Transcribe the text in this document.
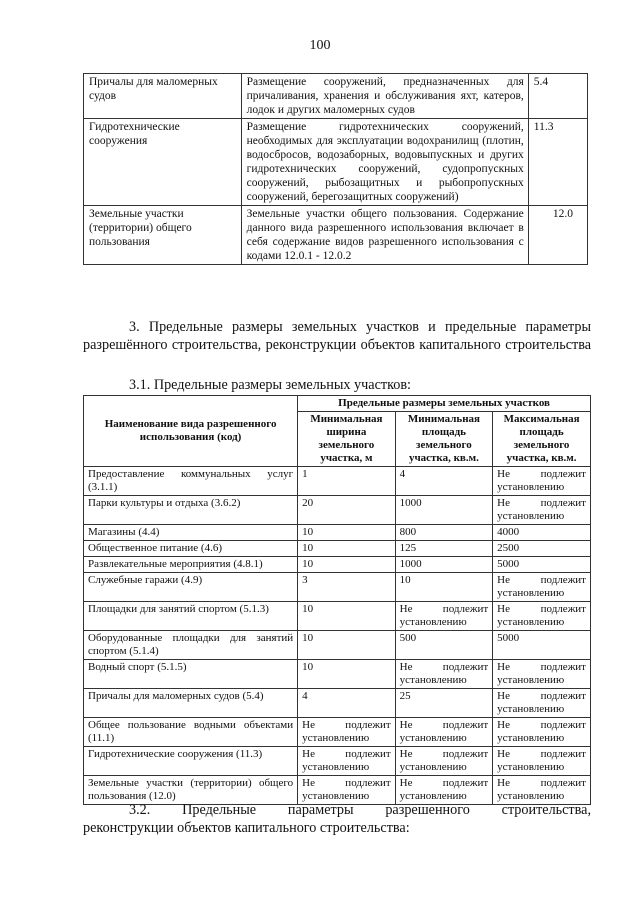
100
Причалы для маломерных судов	Размещение сооружений, предназначенных для причаливания, хранения и обслуживания яхт, катеров, лодок и других маломерных судов	5.4
Гидротехнические сооружения	Размещение гидротехнических сооружений, необходимых для эксплуатации водохранилищ (плотин, водосбросов, водозаборных, водовыпускных и других гидротехнических сооружений, судопропускных сооружений, рыбозащитных и рыбопропускных сооружений, берегозащитных сооружений)	11.3
Земельные участки (территории) общего пользования	Земельные участки общего пользования. Содержание данного вида разрешенного использования включает в себя содержание видов разрешенного использования с кодами 12.0.1 - 12.0.2	12.0
3. Предельные размеры земельных участков и предельные параметры
разрешённого строительства, реконструкции объектов капитального строительства
3.1. Предельные размеры земельных участков:
Наименование вида разрешенного использования (код)	Предельные размеры земельных участков		
	Минимальная ширина земельного участка, м	Минимальная площадь земельного участка, кв.м.	Максимальная площадь земельного участка, кв.м.
Предоставление коммунальных услуг (3.1.1)	1	4	Не подлежит установлению
Парки культуры и отдыха (3.6.2)	20	1000	Не подлежит установлению
Магазины (4.4)	10	800	4000
Общественное питание (4.6)	10	125	2500
Развлекательные мероприятия (4.8.1)	10	1000	5000
Служебные гаражи (4.9)	3	10	Не подлежит установлению
Площадки для занятий спортом (5.1.3)	10	Не подлежит установлению	Не подлежит установлению
Оборудованные площадки для занятий спортом (5.1.4)	10	500	5000
Водный спорт (5.1.5)	10	Не подлежит установлению	Не подлежит установлению
Причалы для маломерных судов (5.4)	4	25	Не подлежит установлению
Общее пользование водными объектами (11.1)	Не подлежит установлению	Не подлежит установлению	Не подлежит установлению
Гидротехнические сооружения (11.3)	Не подлежит установлению	Не подлежит установлению	Не подлежит установлению
Земельные участки (территории) общего пользования (12.0)	Не подлежит установлению	Не подлежит установлению	Не подлежит установлению
3.2. Предельные параметры разрешенного строительства,
реконструкции объектов капитального строительства:
